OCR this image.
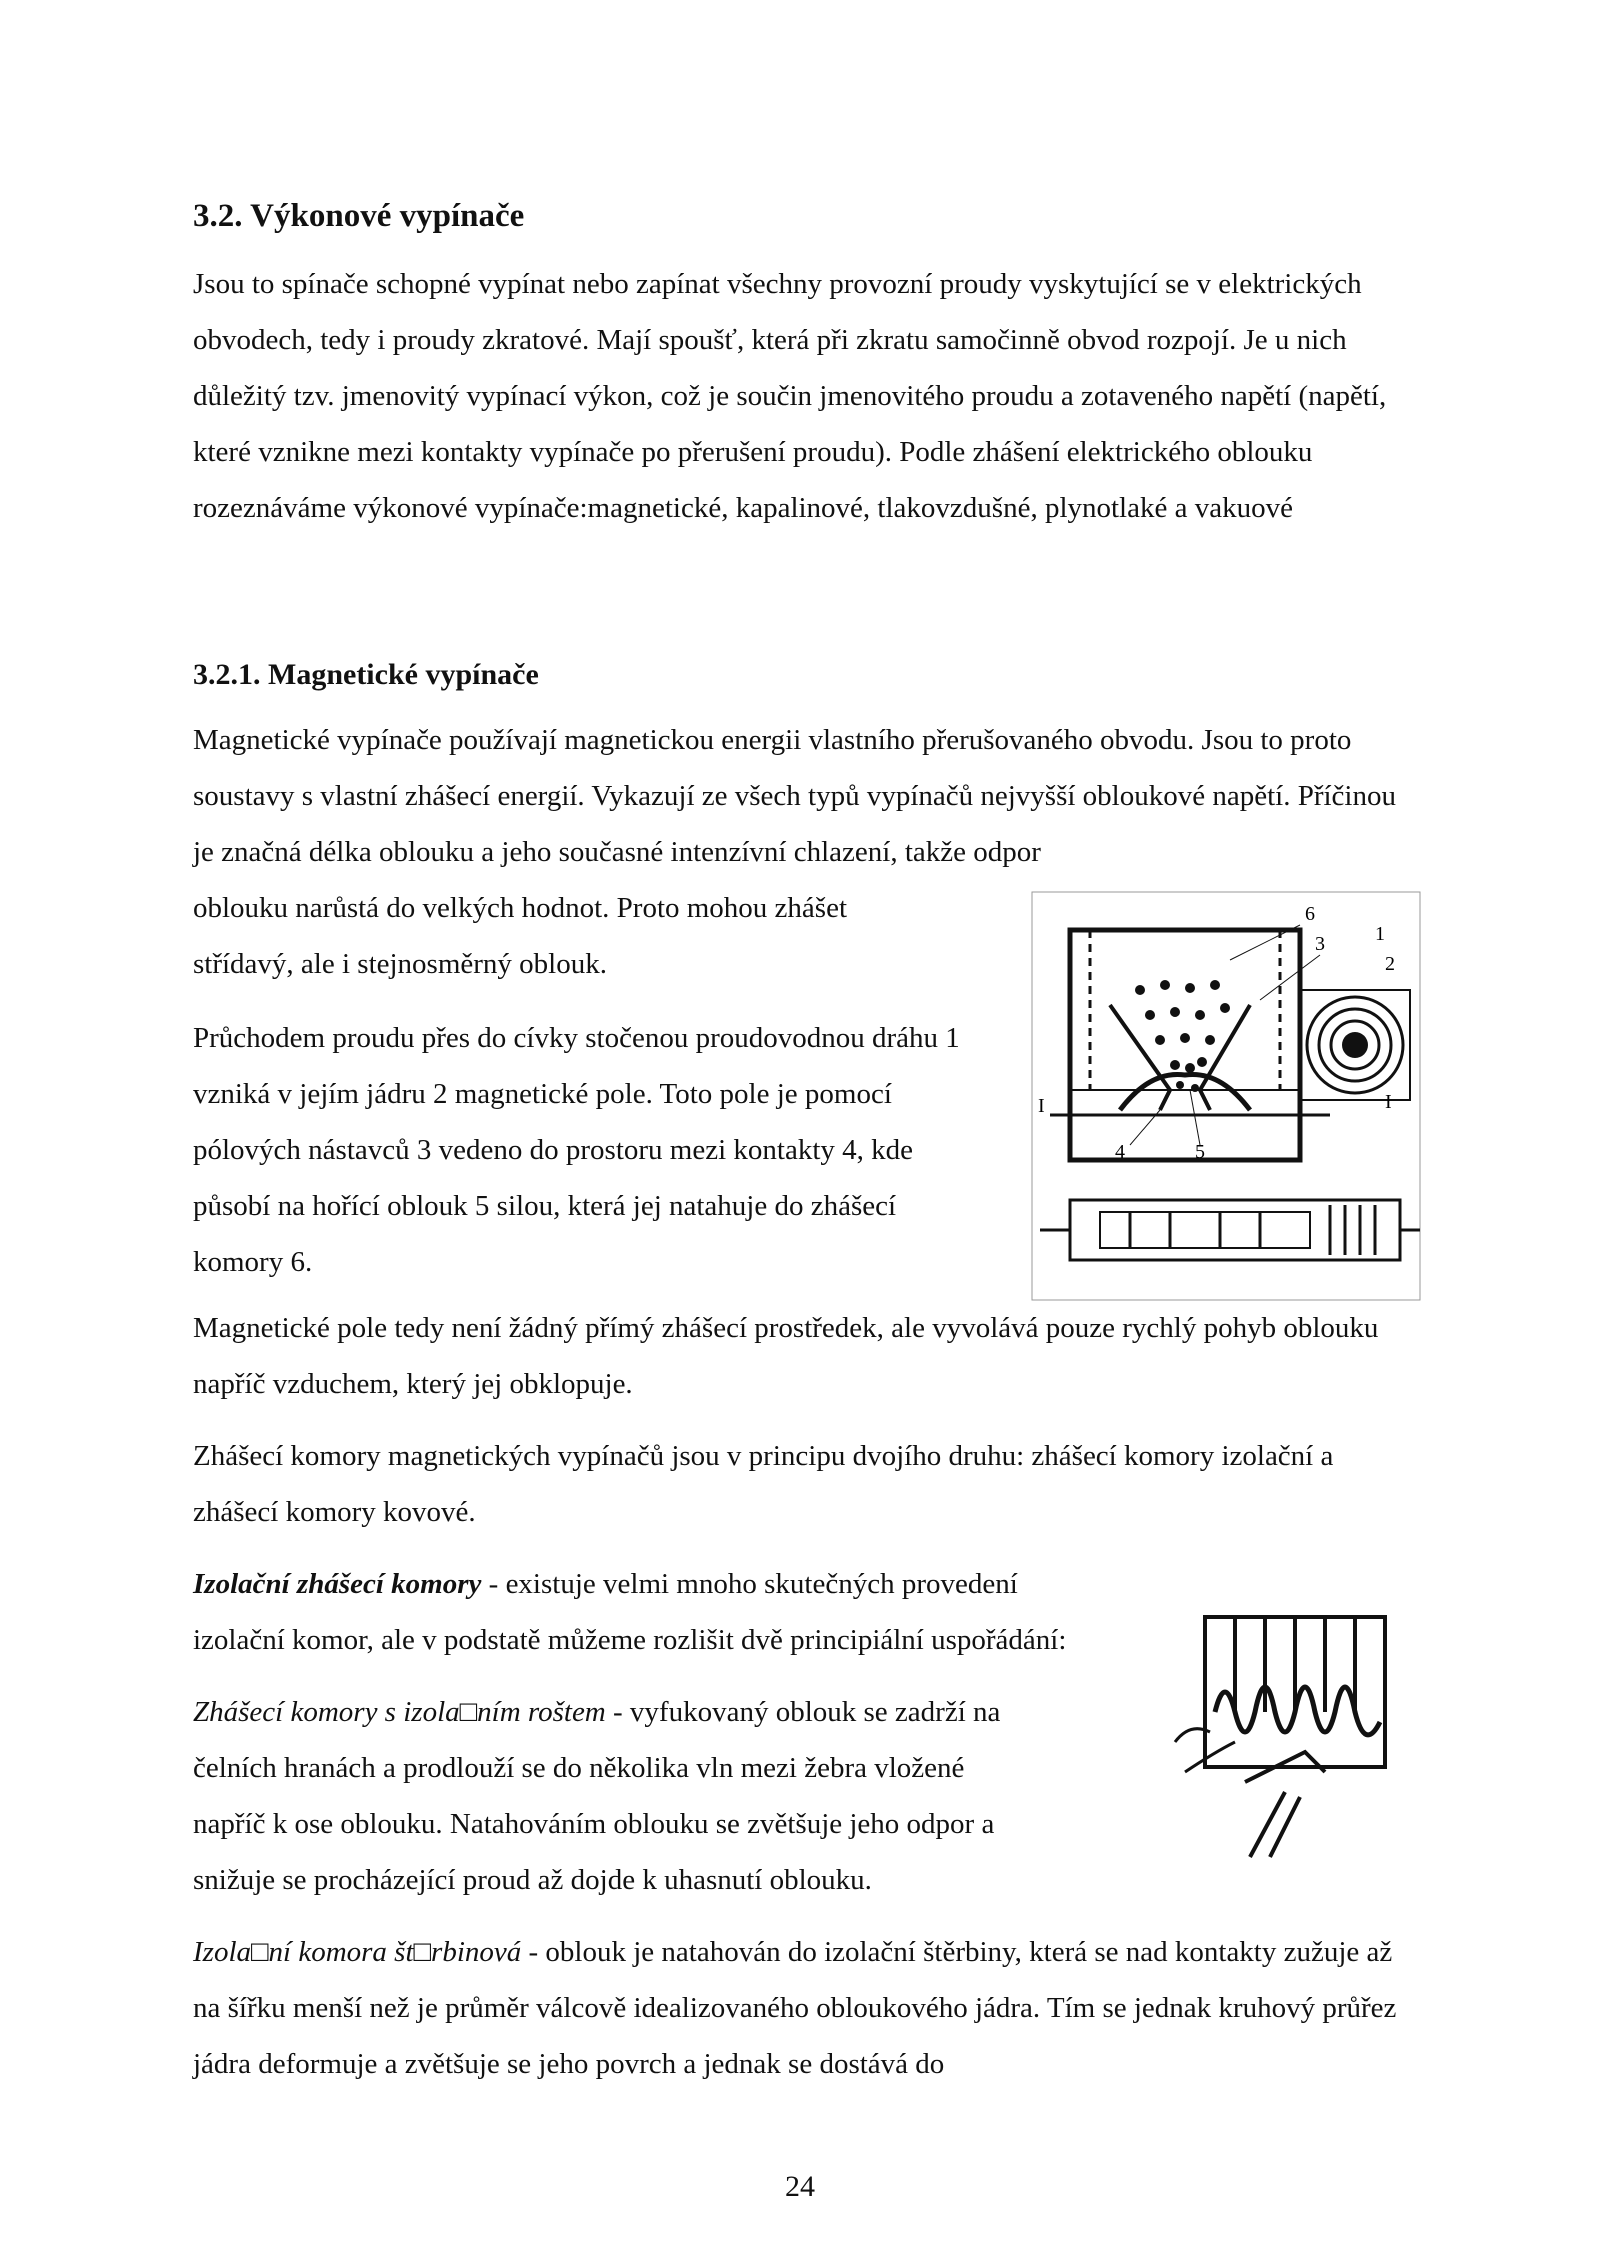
3.2. Výkonové vypínače

Jsou to spínače schopné vypínat nebo zapínat všechny provozní proudy vyskytující se v elektrických obvodech, tedy i proudy zkratové. Mají spoušť, která při zkratu samočinně obvod rozpojí. Je u nich důležitý tzv. jmenovitý vypínací výkon, což je součin jmenovitého proudu a zotaveného napětí (napětí, které vznikne mezi kontakty vypínače po přerušení proudu). Podle zhášení elektrického oblouku rozeznáváme výkonové vypínače:magnetické, kapalinové, tlakovzdušné, plynotlaké a vakuové

3.2.1. Magnetické vypínače

Magnetické vypínače používají magnetickou energii vlastního přerušovaného obvodu. Jsou to proto soustavy s vlastní zhášecí energií. Vykazují ze všech typů vypínačů nejvyšší obloukové napětí. Příčinou je značná délka oblouku a jeho současné intenzívní chlazení, takže odpor

oblouku narůstá do velkých hodnot. Proto mohou zhášet střídavý, ale i stejnosměrný oblouk.

Průchodem proudu přes do cívky stočenou proudovodnou dráhu 1 vzniká v jejím jádru 2 magnetické pole. Toto pole je pomocí pólových nástavců 3 vedeno do prostoru mezi kontakty 4, kde působí na hořící oblouk 5 silou, která jej natahuje do zhášecí komory 6.

6
3	1
2
I	I
4	5

Magnetické pole tedy není žádný přímý zhášecí prostředek, ale vyvolává pouze rychlý pohyb oblouku napříč vzduchem, který jej obklopuje.

Zhášecí komory magnetických vypínačů jsou v principu dvojího druhu: zhášecí komory izolační a zhášecí komory kovové.

Izolační zhášecí komory - existuje velmi mnoho skutečných provedení izolační komor, ale v podstatě můžeme rozlišit dvě principiální uspořádání:

Zhášecí komory s izola□ním roštem - vyfukovaný oblouk se zadrží na čelních hranách a prodlouží se do několika vln mezi žebra vložené napříč k ose oblouku. Natahováním oblouku se zvětšuje jeho odpor a snižuje se procházející proud až dojde k uhasnutí oblouku.

Izola□ní komora št□rbinová - oblouk je natahován do izolační štěrbiny, která se nad kontakty zužuje až na šířku menší než je průměr válcově idealizovaného obloukového jádra. Tím se jednak kruhový průřez jádra deformuje a zvětšuje se jeho povrch a jednak se dostává do

24
